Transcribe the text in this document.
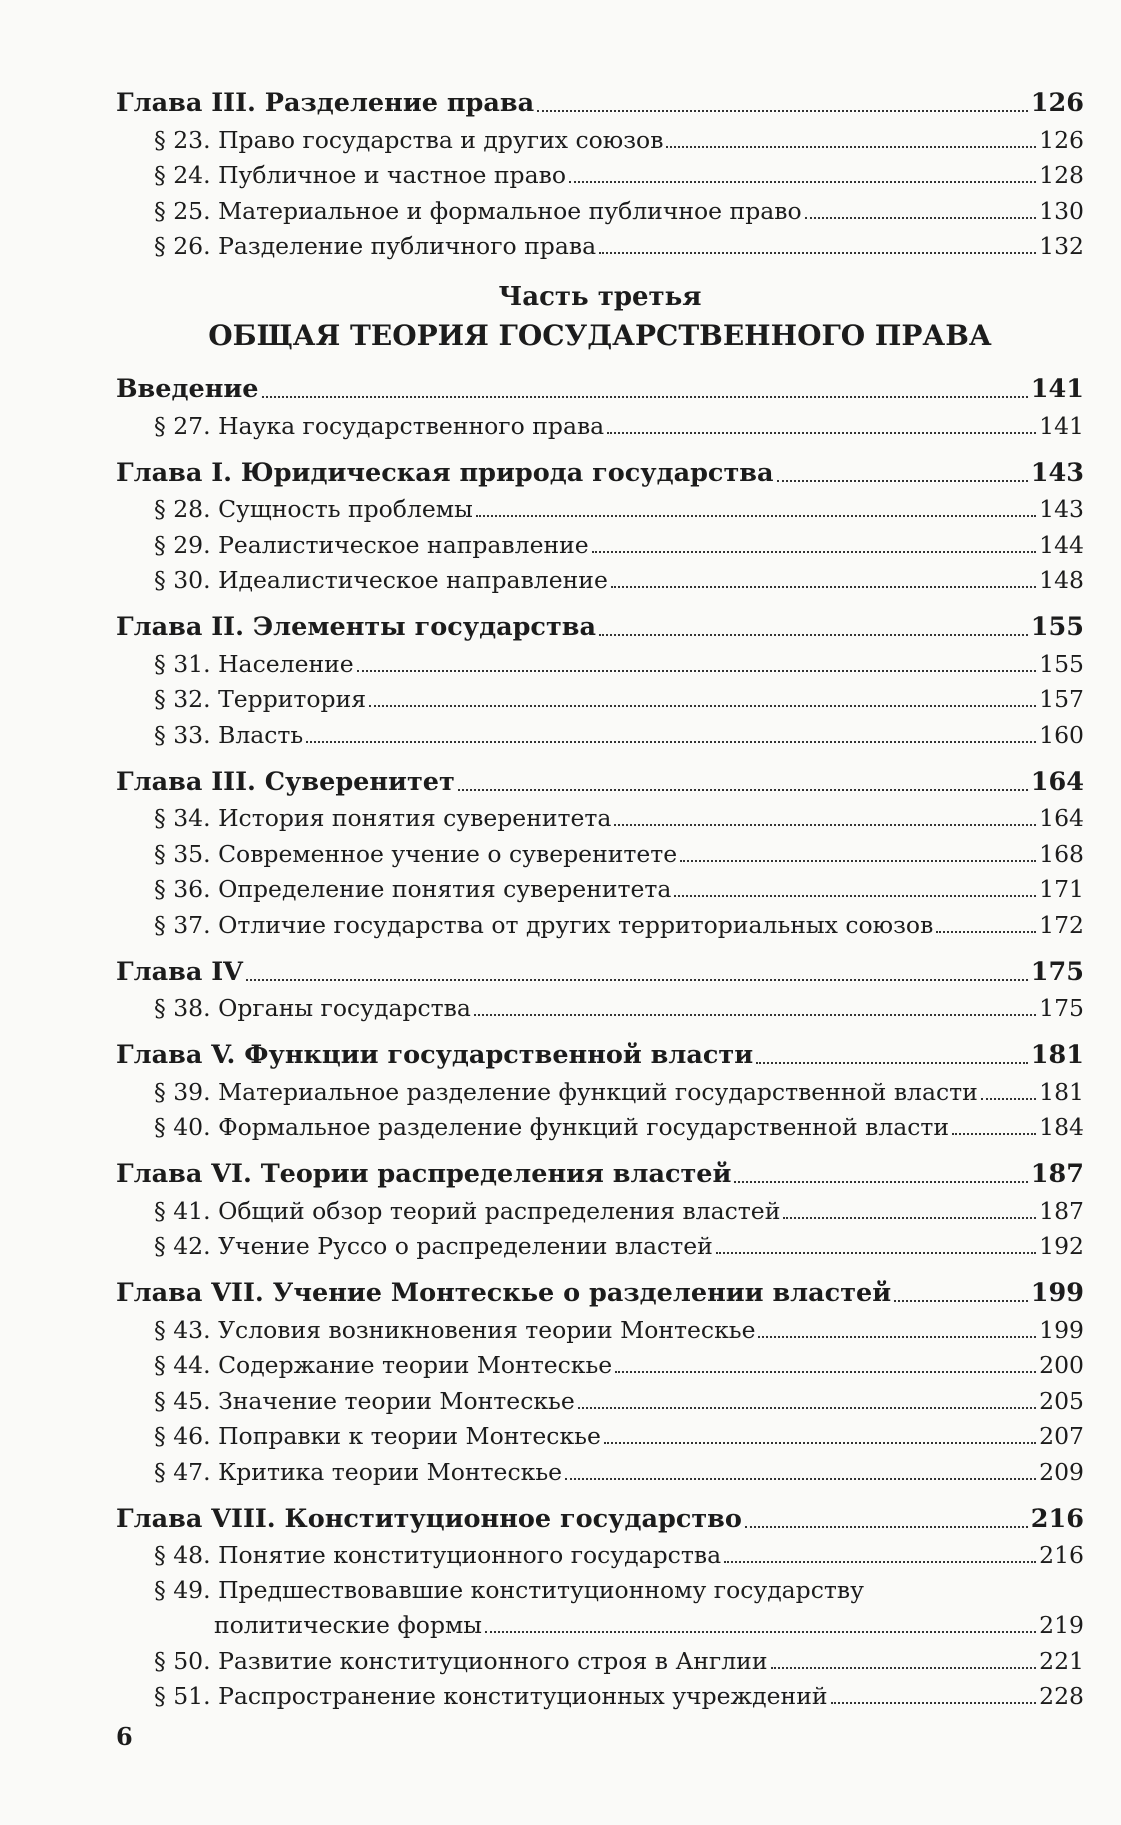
Глава III. Разделение права	126
§ 23. Право государства и других союзов	126
§ 24. Публичное и частное право	128
§ 25. Материальное и формальное публичное право	130
§ 26. Разделение публичного права	132
Часть третья
ОБЩАЯ ТЕОРИЯ ГОСУДАРСТВЕННОГО ПРАВА
Введение	141
§ 27. Наука государственного права	141
Глава I. Юридическая природа государства	143
§ 28. Сущность проблемы	143
§ 29. Реалистическое направление	144
§ 30. Идеалистическое направление	148
Глава II. Элементы государства	155
§ 31. Население	155
§ 32. Территория	157
§ 33. Власть	160
Глава III. Суверенитет	164
§ 34. История понятия суверенитета	164
§ 35. Современное учение о суверенитете	168
§ 36. Определение понятия суверенитета	171
§ 37. Отличие государства от других территориальных союзов	172
Глава IV	175
§ 38. Органы государства	175
Глава V. Функции государственной власти	181
§ 39. Материальное разделение функций государственной власти	181
§ 40. Формальное разделение функций государственной власти	184
Глава VI. Теории распределения властей	187
§ 41. Общий обзор теорий распределения властей	187
§ 42. Учение Руссо о распределении властей	192
Глава VII. Учение Монтескье о разделении властей	199
§ 43. Условия возникновения теории Монтескье	199
§ 44. Содержание теории Монтескье	200
§ 45. Значение теории Монтескье	205
§ 46. Поправки к теории Монтескье	207
§ 47. Критика теории Монтескье	209
Глава VIII. Конституционное государство	216
§ 48. Понятие конституционного государства	216
§ 49. Предшествовавшие конституционному государству
политические формы	219
§ 50. Развитие конституционного строя в Англии	221
§ 51. Распространение конституционных учреждений	228
6
